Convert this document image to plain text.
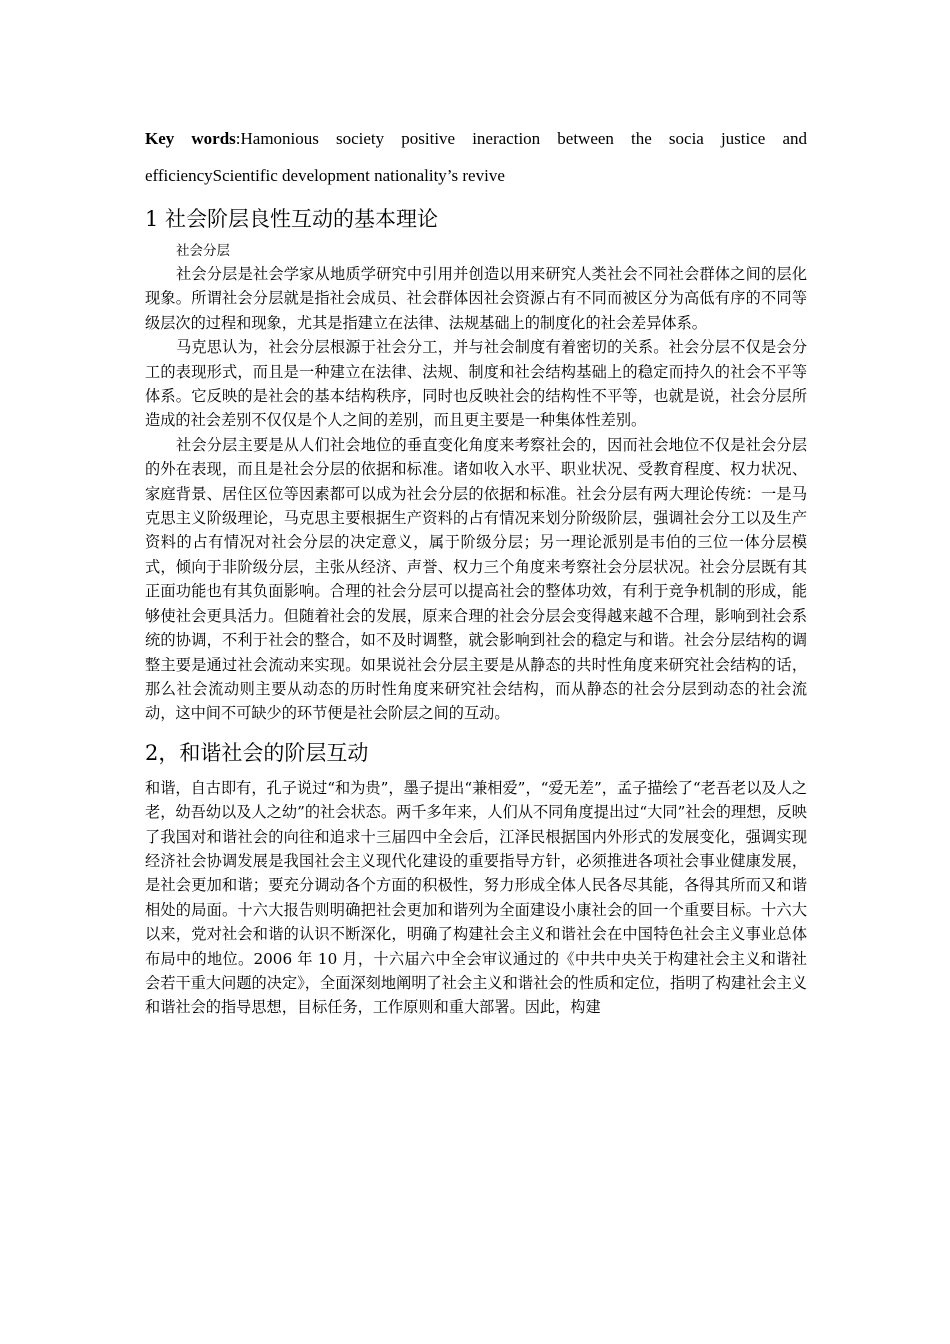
Key words:Hamonious society positive ineraction between the socia justice and efficiencyScientific development nationality’s revive

1 社会阶层良性互动的基本理论
社会分层

社会分层是社会学家从地质学研究中引用并创造以用来研究人类社会不同社会群体之间的层化现象。所谓社会分层就是指社会成员、社会群体因社会资源占有不同而被区分为高低有序的不同等级层次的过程和现象，尤其是指建立在法律、法规基础上的制度化的社会差异体系。

马克思认为，社会分层根源于社会分工，并与社会制度有着密切的关系。社会分层不仅是会分工的表现形式，而且是一种建立在法律、法规、制度和社会结构基础上的稳定而持久的社会不平等体系。它反映的是社会的基本结构秩序，同时也反映社会的结构性不平等，也就是说，社会分层所造成的社会差别不仅仅是个人之间的差别，而且更主要是一种集体性差别。

社会分层主要是从人们社会地位的垂直变化角度来考察社会的，因而社会地位不仅是社会分层的外在表现，而且是社会分层的依据和标准。诸如收入水平、职业状况、受教育程度、权力状况、家庭背景、居住区位等因素都可以成为社会分层的依据和标准。社会分层有两大理论传统：一是马克思主义阶级理论，马克思主要根据生产资料的占有情况来划分阶级阶层，强调社会分工以及生产资料的占有情况对社会分层的决定意义，属于阶级分层；另一理论派别是韦伯的三位一体分层模式，倾向于非阶级分层，主张从经济、声誉、权力三个角度来考察社会分层状况。社会分层既有其正面功能也有其负面影响。合理的社会分层可以提高社会的整体功效，有利于竞争机制的形成，能够使社会更具活力。但随着社会的发展，原来合理的社会分层会变得越来越不合理，影响到社会系统的协调，不利于社会的整合，如不及时调整，就会影响到社会的稳定与和谐。社会分层结构的调整主要是通过社会流动来实现。如果说社会分层主要是从静态的共时性角度来研究社会结构的话，那么社会流动则主要从动态的历时性角度来研究社会结构，而从静态的社会分层到动态的社会流动，这中间不可缺少的环节便是社会阶层之间的互动。

2，和谐社会的阶层互动

和谐，自古即有，孔子说过“和为贵”，墨子提出“兼相爱”，“爱无差”，孟子描绘了“老吾老以及人之老，幼吾幼以及人之幼”的社会状态。两千多年来，人们从不同角度提出过“大同”社会的理想，反映了我国对和谐社会的向往和追求十三届四中全会后，江泽民根据国内外形式的发展变化，强调实现经济社会协调发展是我国社会主义现代化建设的重要指导方针，必须推进各项社会事业健康发展，是社会更加和谐；要充分调动各个方面的积极性，努力形成全体人民各尽其能，各得其所而又和谐相处的局面。十六大报告则明确把社会更加和谐列为全面建设小康社会的回一个重要目标。十六大以来，党对社会和谐的认识不断深化，明确了构建社会主义和谐社会在中国特色社会主义事业总体布局中的地位。2006 年 10 月，十六届六中全会审议通过的《中共中央关于构建社会主义和谐社会若干重大问题的决定》，全面深刻地阐明了社会主义和谐社会的性质和定位，指明了构建社会主义和谐社会的指导思想，目标任务，工作原则和重大部署。因此，构建
